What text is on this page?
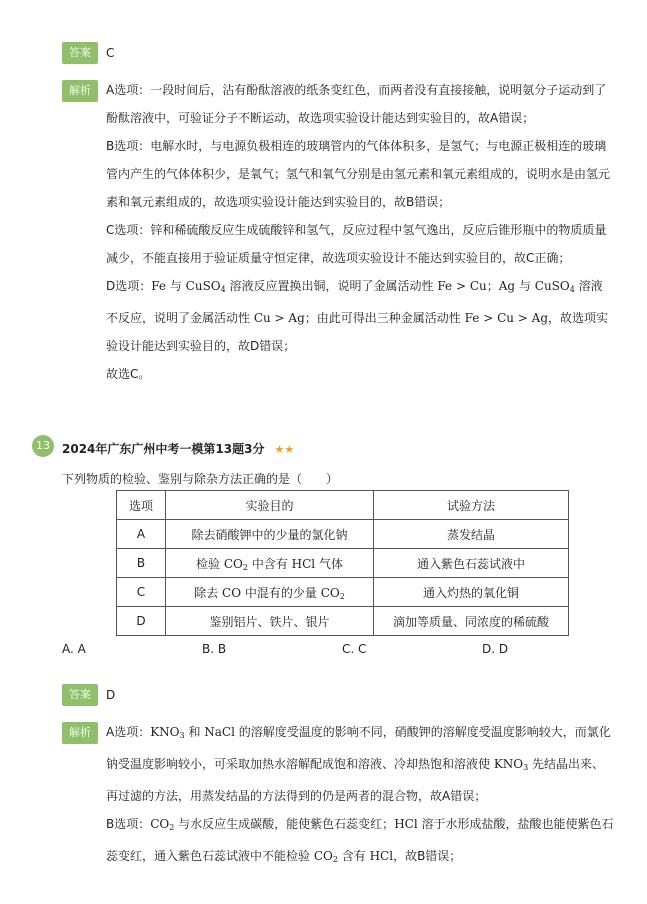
答案	C
解析	A选项：一段时间后，沾有酚酞溶液的纸条变红色，而两者没有直接接触，说明氨分子运动到了酚酞溶液中，可验证分子不断运动，故选项实验设计能达到实验目的，故A错误；

B选项：电解水时，与电源负极相连的玻璃管内的气体体积多，是氢气；与电源正极相连的玻璃管内产生的气体体积少，是氧气；氢气和氧气分别是由氢元素和氧元素组成的，说明水是由氢元素和氧元素组成的，故选项实验设计能达到实验目的，故B错误；

C选项：锌和稀硫酸反应生成硫酸锌和氢气，反应过程中氢气逸出，反应后锥形瓶中的物质质量减少，不能直接用于验证质量守恒定律，故选项实验设计不能达到实验目的，故C正确；

D选项：Fe 与 CuSO$_4$ 溶液反应置换出铜，说明了金属活动性 Fe > Cu；Ag 与 CuSO$_4$ 溶液不反应，说明了金属活动性 Cu > Ag；由此可得出三种金属活动性 Fe > Cu > Ag，故选项实验设计能达到实验目的，故D错误；

故选C。

13	2024年广东广州中考一模第13题3分 ★★
下列物质的检验、鉴别与除杂方法正确的是（　　）
选项	实验目的	试验方法
A	除去硝酸钾中的少量的氯化钠	蒸发结晶
B	检验 $CO_2$ 中含有 HCl 气体	通入紫色石蕊试液中
C	除去 CO 中混有的少量 $CO_2$	通入灼热的氧化铜
D	鉴别铝片、铁片、银片	滴加等质量、同浓度的稀硫酸
A. A	B. B	C. C	D. D
答案	D
解析	A选项：$KNO_3$ 和 NaCl 的溶解度受温度的影响不同，硝酸钾的溶解度受温度影响较大，而氯化钠受温度影响较小，可采取加热水溶解配成饱和溶液、冷却热饱和溶液使 $KNO_3$ 先结晶出来、再过滤的方法，用蒸发结晶的方法得到的仍是两者的混合物，故A错误；

B选项：$CO_2$ 与水反应生成碳酸，能使紫色石蕊变红；HCl 溶于水形成盐酸，盐酸也能使紫色石蕊变红，通入紫色石蕊试液中不能检验 $CO_2$ 含有 HCl，故B错误；
